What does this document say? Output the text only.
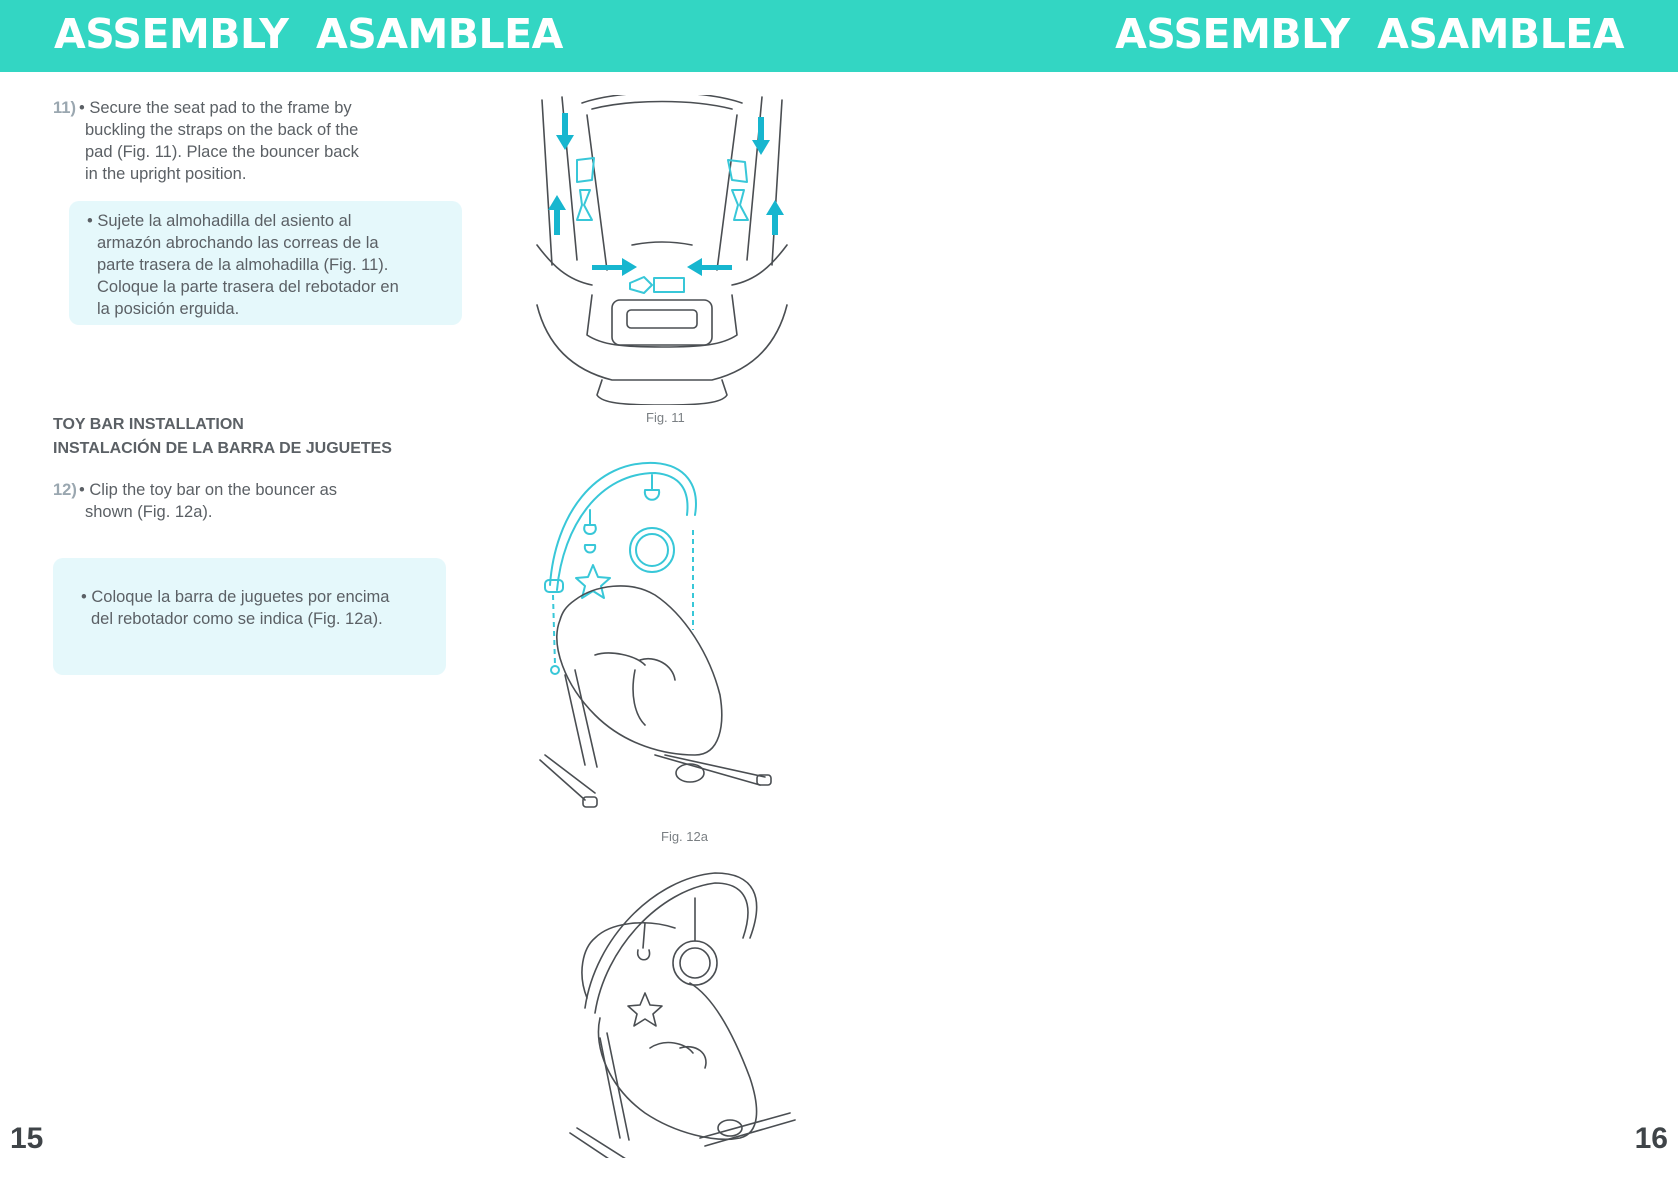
ASSEMBLY  ASAMBLEA	ASSEMBLY  ASAMBLEA
11) • Secure the seat pad to the frame by

buckling the straps on the back of the

pad (Fig. 11). Place the bouncer back

in the upright position.

• Sujete la almohadilla del asiento al

armazón abrochando las correas de la

parte trasera de la almohadilla (Fig. 11).

Coloque la parte trasera del rebotador en

la posición erguida.

TOY BAR INSTALLATION
INSTALACIÓN DE LA BARRA DE JUGUETES
12) • Clip the toy bar on the bouncer as

shown (Fig. 12a).

• Coloque la barra de juguetes por encima

del rebotador como se indica (Fig. 12a).

Fig. 11
Fig. 12a
15	16
